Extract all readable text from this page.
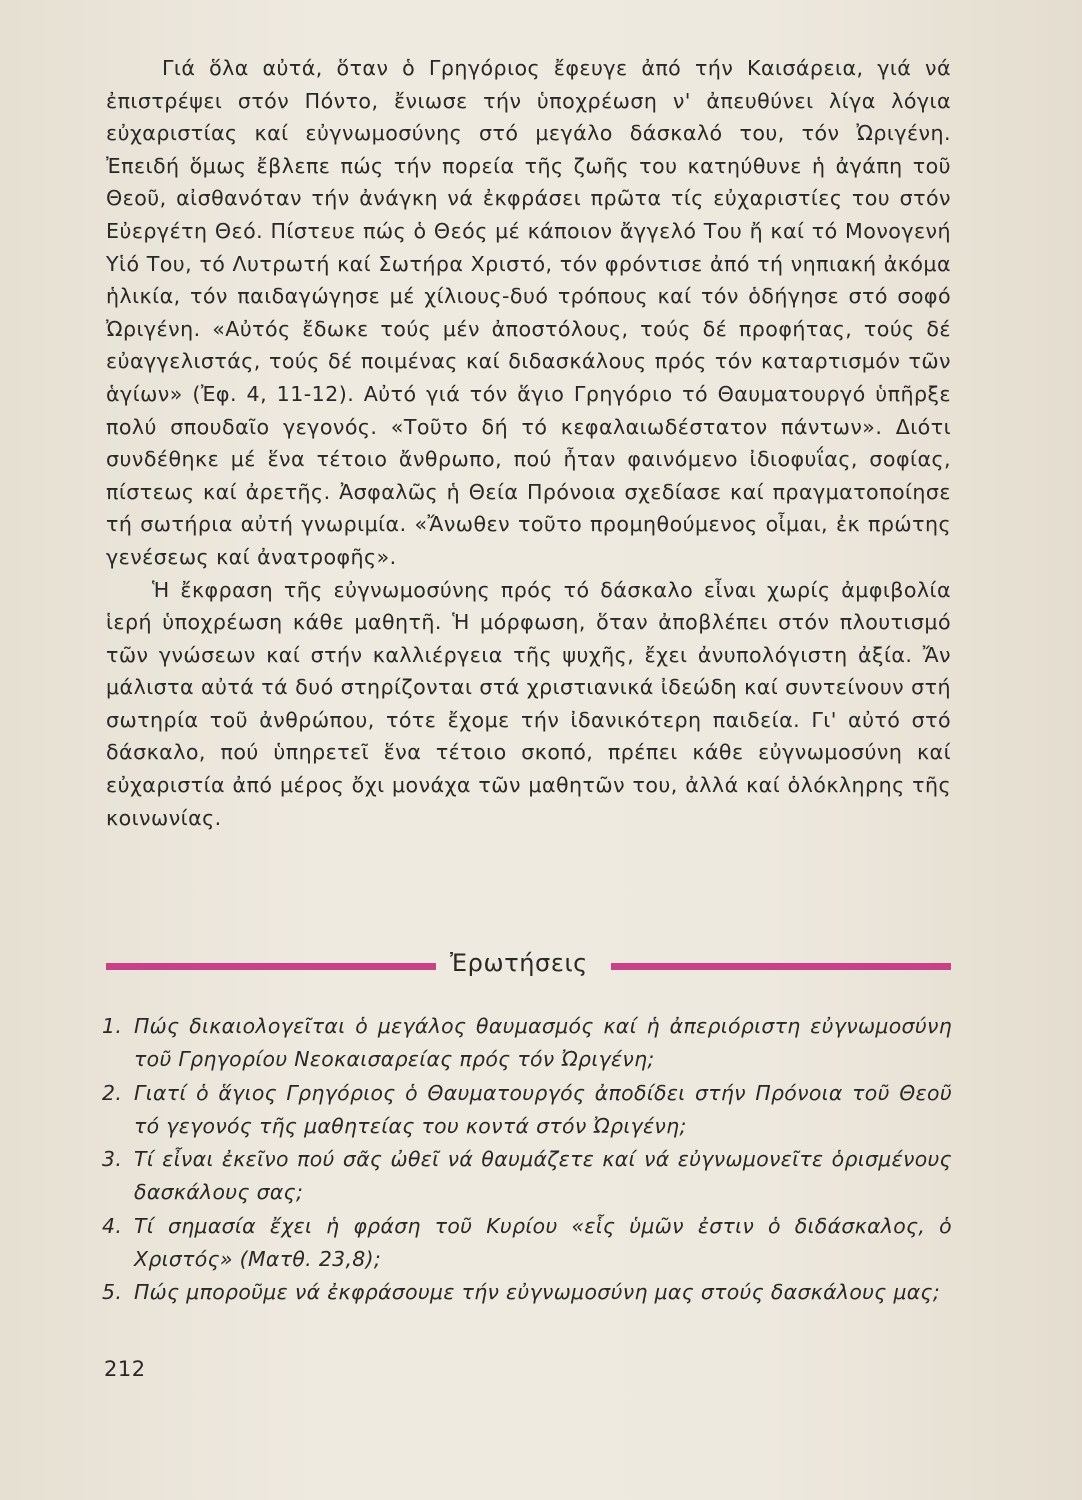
Γιά ὅλα αὐτά, ὅταν ὁ Γρηγόριος ἔφευγε ἀπό τήν Καισάρεια, γιά νά ἐπιστρέψει στόν Πόντο, ἔνιωσε τήν ὑποχρέωση ν' ἀπευθύνει λίγα λόγια εὐχαριστίας καί εὐγνωμοσύνης στό μεγάλο δάσκαλό του, τόν Ὠριγένη. Ἐπειδή ὅμως ἔβλεπε πώς τήν πορεία τῆς ζωῆς του κατηύθυνε ἡ ἀγάπη τοῦ Θεοῦ, αἰσθανόταν τήν ἀνάγκη νά ἐκφράσει πρῶτα τίς εὐχαριστίες του στόν Εὐεργέτη Θεό. Πίστευε πώς ὁ Θεός μέ κάποιον ἄγγελό Του ἤ καί τό Μονογενή Υἱό Του, τό Λυτρωτή καί Σωτήρα Χριστό, τόν φρόντισε ἀπό τή νηπιακή ἀκόμα ἡλικία, τόν παιδαγώγησε μέ χίλιους-δυό τρόπους καί τόν ὁδήγησε στό σοφό Ὠριγένη. «Αὐτός ἔδωκε τούς μέν ἀποστόλους, τούς δέ προφήτας, τούς δέ εὐαγγελιστάς, τούς δέ ποιμένας καί διδασκάλους πρός τόν καταρτισμόν τῶν ἁγίων» (Ἐφ. 4, 11-12). Αὐτό γιά τόν ἅγιο Γρηγόριο τό Θαυματουργό ὑπῆρξε πολύ σπουδαῖο γεγονός. «Τοῦτο δή τό κεφαλαιωδέστατον πάντων». Διότι συνδέθηκε μέ ἕνα τέτοιο ἄνθρωπο, πού ἦταν φαινόμενο ἰδιοφυΐας, σοφίας, πίστεως καί ἀρετῆς. Ἀσφαλῶς ἡ Θεία Πρόνοια σχεδίασε καί πραγματοποίησε τή σωτήρια αὐτή γνωριμία. «Ἄνωθεν τοῦτο προμηθούμενος οἶμαι, ἐκ πρώτης γενέσεως καί ἀνατροφῆς».

Ἡ ἔκφραση τῆς εὐγνωμοσύνης πρός τό δάσκαλο εἶναι χωρίς ἀμφιβολία ἱερή ὑποχρέωση κάθε μαθητῆ. Ἡ μόρφωση, ὅταν ἀποβλέπει στόν πλουτισμό τῶν γνώσεων καί στήν καλλιέργεια τῆς ψυχῆς, ἔχει ἀνυπολόγιστη ἀξία. Ἄν μάλιστα αὐτά τά δυό στηρίζονται στά χριστιανικά ἰδεώδη καί συντείνουν στή σωτηρία τοῦ ἀνθρώπου, τότε ἔχομε τήν ἰδανικότερη παιδεία. Γι' αὐτό στό δάσκαλο, πού ὑπηρετεῖ ἕνα τέτοιο σκοπό, πρέπει κάθε εὐγνωμοσύνη καί εὐχαριστία ἀπό μέρος ὄχι μονάχα τῶν μαθητῶν του, ἀλλά καί ὁλόκληρης τῆς κοινωνίας.

Ἐρωτήσεις
1. Πώς δικαιολογεῖται ὁ μεγάλος θαυμασμός καί ἡ ἀπεριόριστη εὐγνωμοσύνη τοῦ Γρηγορίου Νεοκαισαρείας πρός τόν Ὠριγένη;
2. Γιατί ὁ ἅγιος Γρηγόριος ὁ Θαυματουργός ἀποδίδει στήν Πρόνοια τοῦ Θεοῦ τό γεγονός τῆς μαθητείας του κοντά στόν Ὠριγένη;
3. Τί εἶναι ἐκεῖνο πού σᾶς ὠθεῖ νά θαυμάζετε καί νά εὐγνωμονεῖτε ὁρισμένους δασκάλους σας;
4. Τί σημασία ἔχει ἡ φράση τοῦ Κυρίου «εἷς ὑμῶν ἐστιν ὁ διδάσκαλος, ὁ Χριστός» (Ματθ. 23,8);
5. Πώς μποροῦμε νά ἐκφράσουμε τήν εὐγνωμοσύνη μας στούς δασκάλους μας;
212
